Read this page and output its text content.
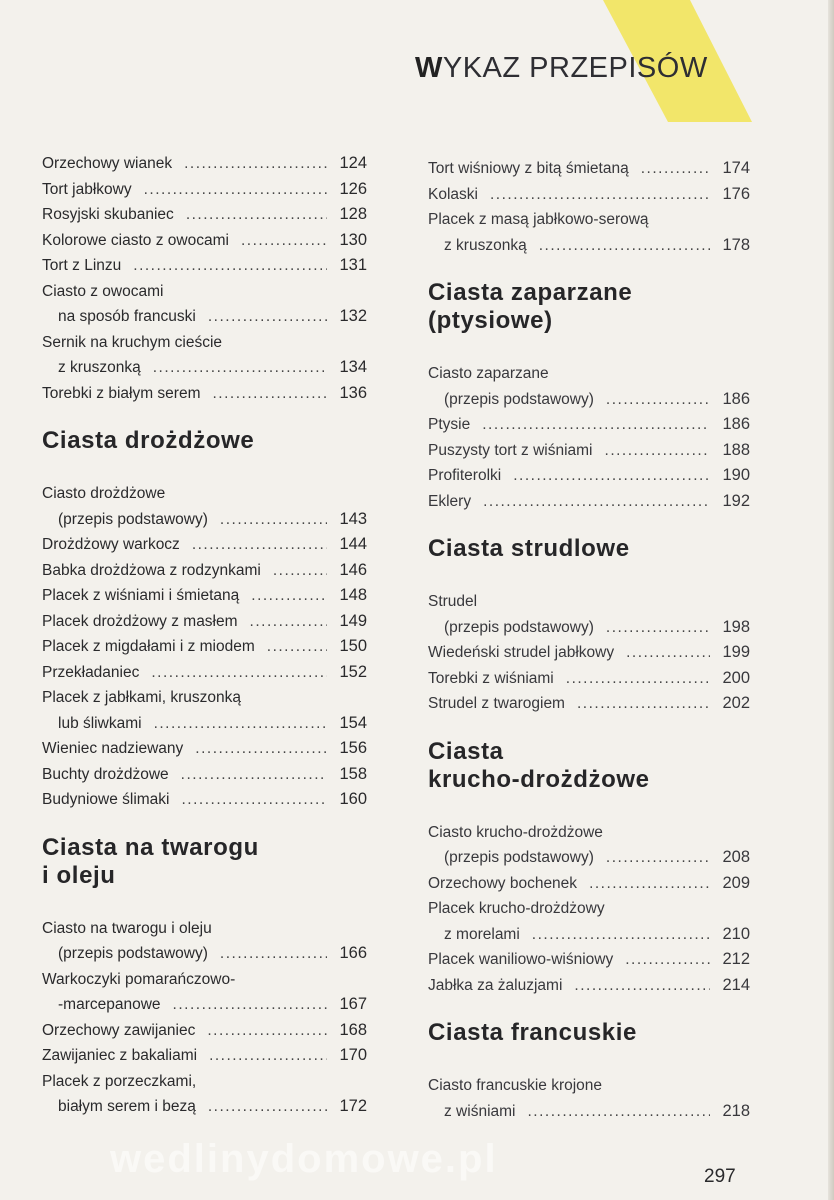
WYKAZ PRZEPISÓW
Orzechowy wianek .....	124
Tort jabłkowy .....	126
Rosyjski skubaniec .....	128
Kolorowe ciasto z owocami .....	130
Tort z Linzu .....	131
Ciasto z owocami
na sposób francuski .....	132
Sernik na kruchym cieście
z kruszonką .....	134
Torebki z białym serem .....	136
Ciasta drożdżowe
Ciasto drożdżowe
(przepis podstawowy) .....	143
Drożdżowy warkocz .....	144
Babka drożdżowa z rodzynkami .....	146
Placek z wiśniami i śmietaną .....	148
Placek drożdżowy z masłem .....	149
Placek z migdałami i z miodem .....	150
Przekładaniec .....	152
Placek z jabłkami, kruszonką
lub śliwkami .....	154
Wieniec nadziewany .....	156
Buchty drożdżowe .....	158
Budyniowe ślimaki .....	160
Ciasta na twarogu
i oleju
Ciasto na twarogu i oleju
(przepis podstawowy) .....	166
Warkoczyki pomarańczowo-
-marcepanowe .....	167
Orzechowy zawijaniec .....	168
Zawijaniec z bakaliami .....	170
Placek z porzeczkami,
białym serem i bezą .....	172
Tort wiśniowy z bitą śmietaną .....	174
Kolaski .....	176
Placek z masą jabłkowo-serową
z kruszonką .....	178
Ciasta zaparzane
(ptysiowe)
Ciasto zaparzane
(przepis podstawowy) .....	186
Ptysie .....	186
Puszysty tort z wiśniami .....	188
Profiterolki .....	190
Eklery .....	192
Ciasta strudlowe
Strudel
(przepis podstawowy) .....	198
Wiedeński strudel jabłkowy .....	199
Torebki z wiśniami .....	200
Strudel z twarogiem .....	202
Ciasta
krucho-drożdżowe
Ciasto krucho-drożdżowe
(przepis podstawowy) .....	208
Orzechowy bochenek .....	209
Placek krucho-drożdżowy
z morelami .....	210
Placek waniliowo-wiśniowy .....	212
Jabłka za żaluzjami .....	214
Ciasta francuskie
Ciasto francuskie krojone
z wiśniami .....	218
wedlinydomowe.pl	297
